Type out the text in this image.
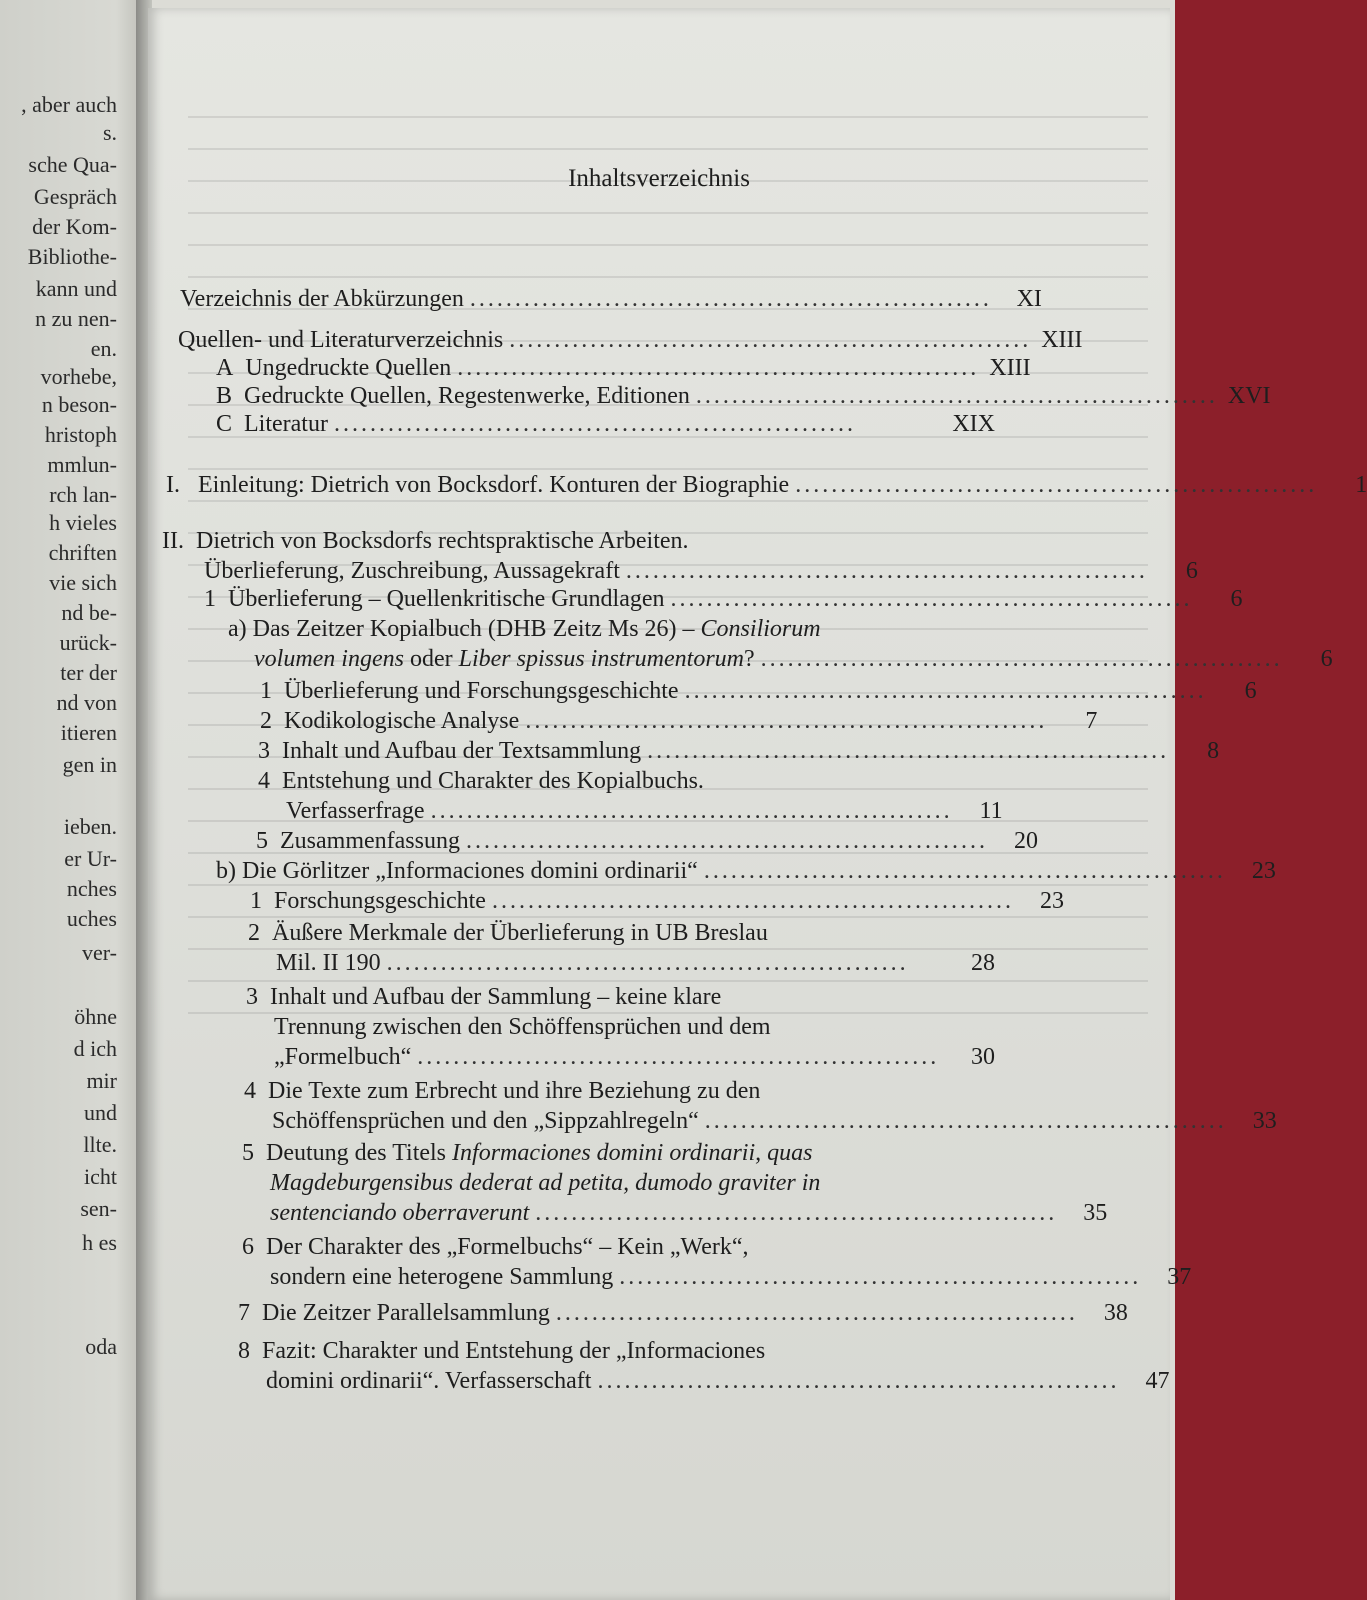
, aber auch
s.
sche Qua-
Gespräch
der Kom-
Bibliothe-
kann und
n zu nen-
en.
vorhebe,
n beson-
hristoph
mmlun-
rch lan-
h vieles
chriften
vie sich
nd be-
urück-
ter der
nd von
itieren
gen in
ieben.
er Ur-
nches
uches
ver-
öhne
d ich
mir
und
llte.
icht
sen-
h es
oda
Inhaltsverzeichnis
Verzeichnis der Abkürzungen ..........................................................	XI
Quellen- und Literaturverzeichnis .......................................................... XIII
A Ungedruckte Quellen .......................................................... XIII
B Gedruckte Quellen, Regestenwerke, Editionen .......................................................... XVI
C Literatur ..........................................................	XIX
I. Einleitung: Dietrich von Bocksdorf. Konturen der Biographie ..........................................................	1
II. Dietrich von Bocksdorfs rechtspraktische Arbeiten.
Überlieferung, Zuschreibung, Aussagekraft ..........................................................	6
1 Überlieferung – Quellenkritische Grundlagen ..........................................................	6
a) Das Zeitzer Kopialbuch (DHB Zeitz Ms 26) – Consiliorum
volumen ingens oder Liber spissus instrumentorum? ..........................................................	6
1 Überlieferung und Forschungsgeschichte ..........................................................	6
2 Kodikologische Analyse ..........................................................	7
3 Inhalt und Aufbau der Textsammlung ..........................................................	8
4 Entstehung und Charakter des Kopialbuchs.
Verfasserfrage ..........................................................	11
5 Zusammenfassung ..........................................................	20
b) Die Görlitzer „Informaciones domini ordinarii“ ..........................................................	23
1 Forschungsgeschichte ..........................................................	23
2 Äußere Merkmale der Überlieferung in UB Breslau
Mil. II 190 ..........................................................	28
3 Inhalt und Aufbau der Sammlung – keine klare
Trennung zwischen den Schöffensprüchen und dem
„Formelbuch“ ..........................................................	30
4 Die Texte zum Erbrecht und ihre Beziehung zu den
Schöffensprüchen und den „Sippzahlregeln“ ..........................................................	33
5 Deutung des Titels Informaciones domini ordinarii, quas
Magdeburgensibus dederat ad petita, dumodo graviter in
sentenciando oberraverunt ..........................................................	35
6 Der Charakter des „Formelbuchs“ – Kein „Werk“,
sondern eine heterogene Sammlung ..........................................................	37
7 Die Zeitzer Parallelsammlung ..........................................................	38
8 Fazit: Charakter und Entstehung der „Informaciones
domini ordinarii“. Verfasserschaft ..........................................................	47
